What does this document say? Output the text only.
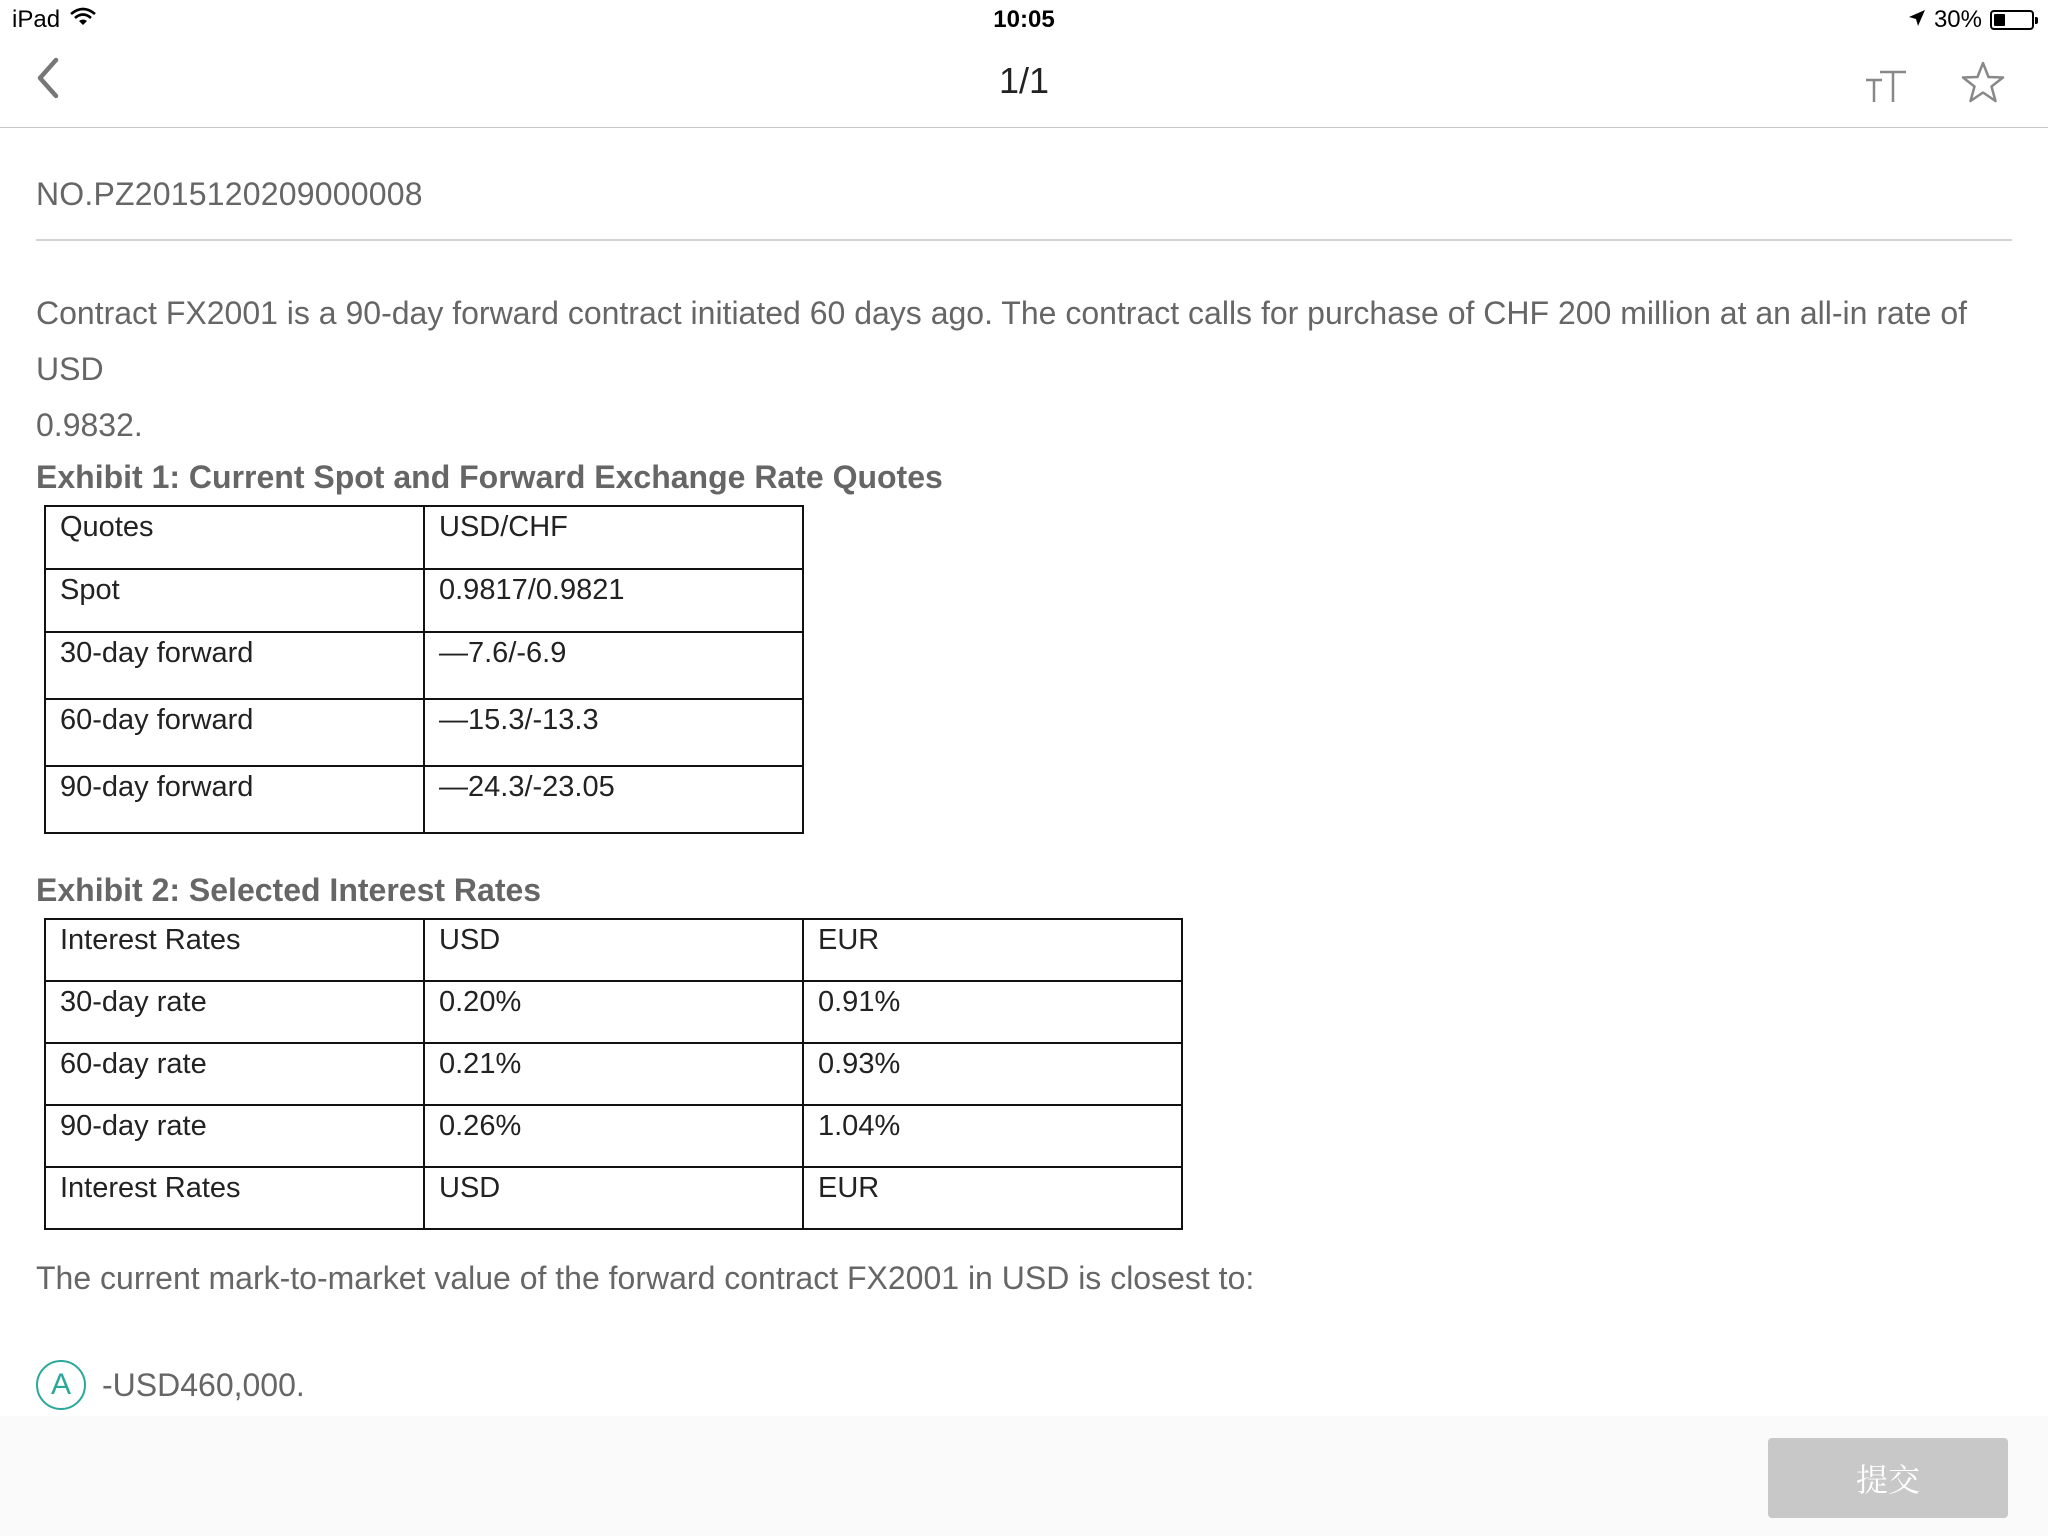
iPad	10:05	30%
1/1
NO.PZ2015120209000008
Contract FX2001 is a 90-day forward contract initiated 60 days ago. The contract calls for purchase of CHF 200 million at an all-in rate of USD
0.9832.
Exhibit 1: Current Spot and Forward Exchange Rate Quotes
Quotes	USD/CHF
Spot	0.9817/0.9821
30-day forward	—7.6/-6.9
60-day forward	—15.3/-13.3
90-day forward	—24.3/-23.05
Exhibit 2: Selected Interest Rates
Interest Rates	USD	EUR
30-day rate	0.20%	0.91%
60-day rate	0.21%	0.93%
90-day rate	0.26%	1.04%
Interest Rates	USD	EUR
The current mark-to-market value of the forward contract FX2001 in USD is closest to:
A -USD460,000.
提交
